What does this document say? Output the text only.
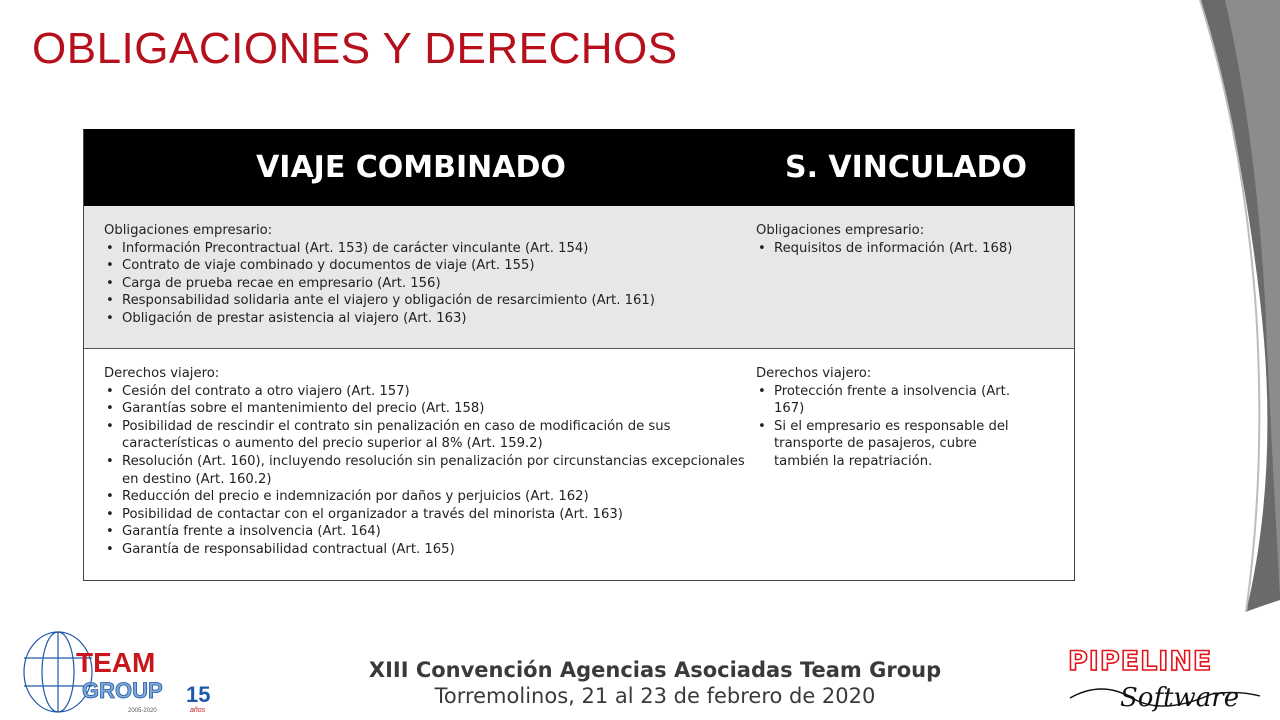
OBLIGACIONES Y DERECHOS
VIAJE COMBINADO	S. VINCULADO

Obligaciones empresario:

• Información Precontractual (Art. 153) de carácter vinculante (Art. 154)
• Contrato de viaje combinado y documentos de viaje (Art. 155)
• Carga de prueba recae en empresario (Art. 156)
• Responsabilidad solidaria ante el viajero y obligación de resarcimiento (Art. 161)
• Obligación de prestar asistencia al viajero (Art. 163)

Obligaciones empresario:

• Requisitos de información (Art. 168)

Derechos viajero:

• Cesión del contrato a otro viajero (Art. 157)
• Garantías sobre el mantenimiento del precio (Art. 158)
• Posibilidad de rescindir el contrato sin penalización en caso de modificación de sus características o aumento del precio superior al 8% (Art. 159.2)
• Resolución (Art. 160), incluyendo resolución sin penalización por circunstancias excepcionales en destino (Art. 160.2)
• Reducción del precio e indemnización por daños y perjuicios (Art. 162)
• Posibilidad de contactar con el organizador a través del minorista (Art. 163)
• Garantía frente a insolvencia (Art. 164)
• Garantía de responsabilidad contractual (Art. 165)

Derechos viajero:

• Protección frente a insolvencia (Art. 167)
• Si el empresario es responsable del transporte de pasajeros, cubre también la repatriación.
TEAM
GROUP 15
años
2005-2020
XIII Convención Agencias Asociadas Team Group
Torremolinos, 21 al 23 de febrero de 2020
PIPELINE
Software
